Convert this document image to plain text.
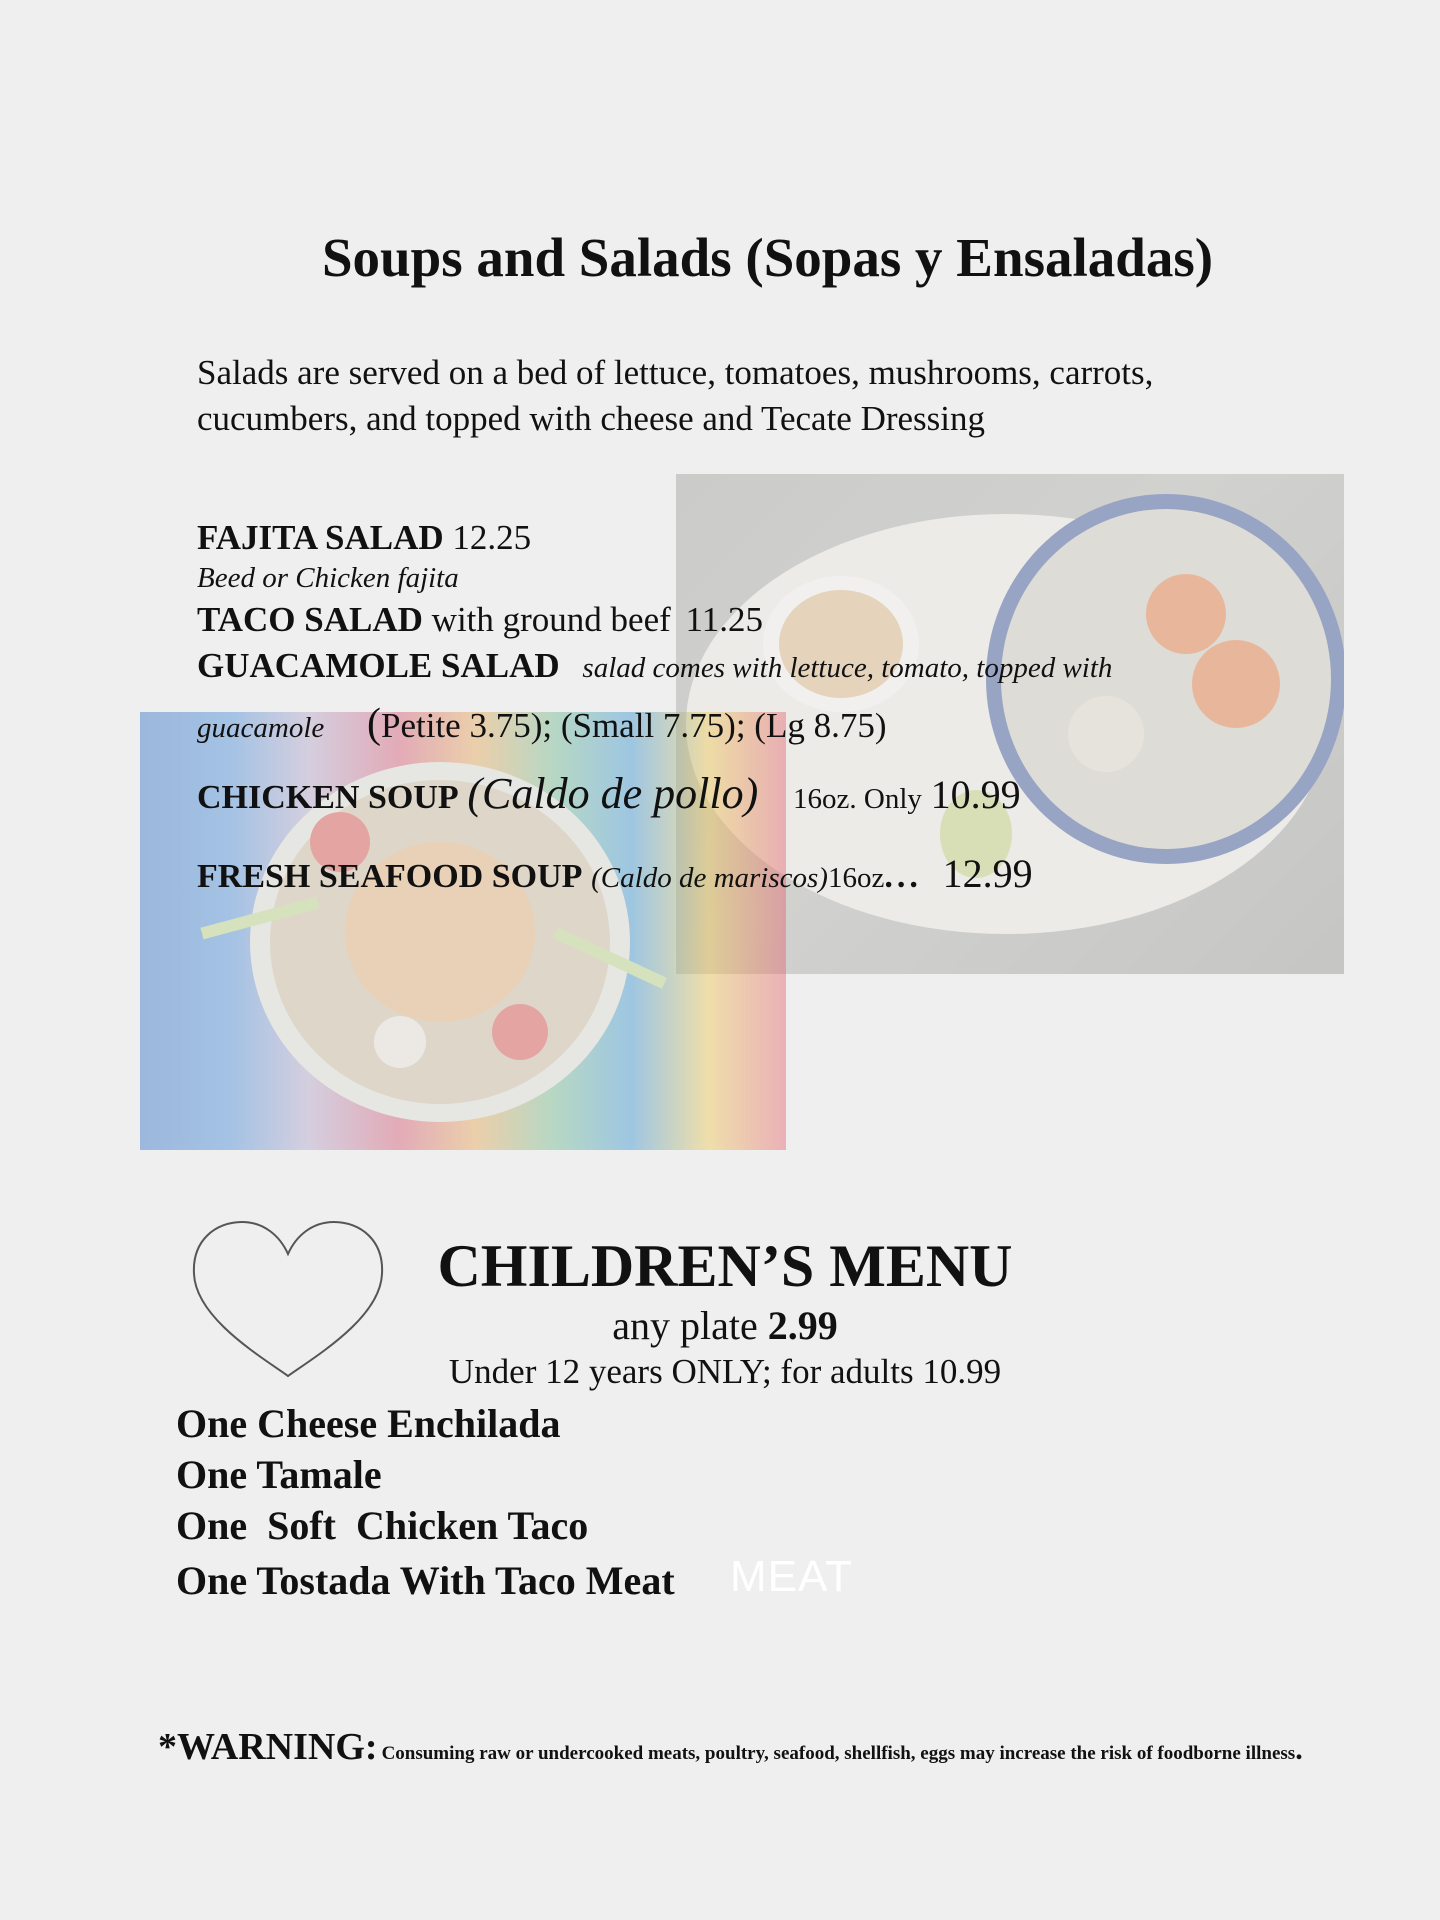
Soups and Salads (Sopas y Ensaladas)
Salads are served on a bed of lettuce, tomatoes, mushrooms, carrots, cucumbers, and topped with cheese and Tecate Dressing
FAJITA SALAD 12.25
Beed or Chicken fajita
TACO SALAD with ground beef 11.25
GUACAMOLE SALAD salad comes with lettuce, tomato, topped with
guacamole (Petite 3.75); (Small 7.75); (Lg 8.75)
CHICKEN SOUP (Caldo de pollo) 16oz. Only 10.99
FRESH SEAFOOD SOUP (Caldo de mariscos)16oz... 12.99
CHILDREN’S MENU
any plate 2.99
Under 12 years ONLY; for adults 10.99
One Cheese Enchilada
One Tamale
One  Soft  Chicken Taco
One Tostada With Taco Meat MEAT
*WARNING: Consuming raw or undercooked meats, poultry, seafood, shellfish, eggs may increase the risk of foodborne illness.
